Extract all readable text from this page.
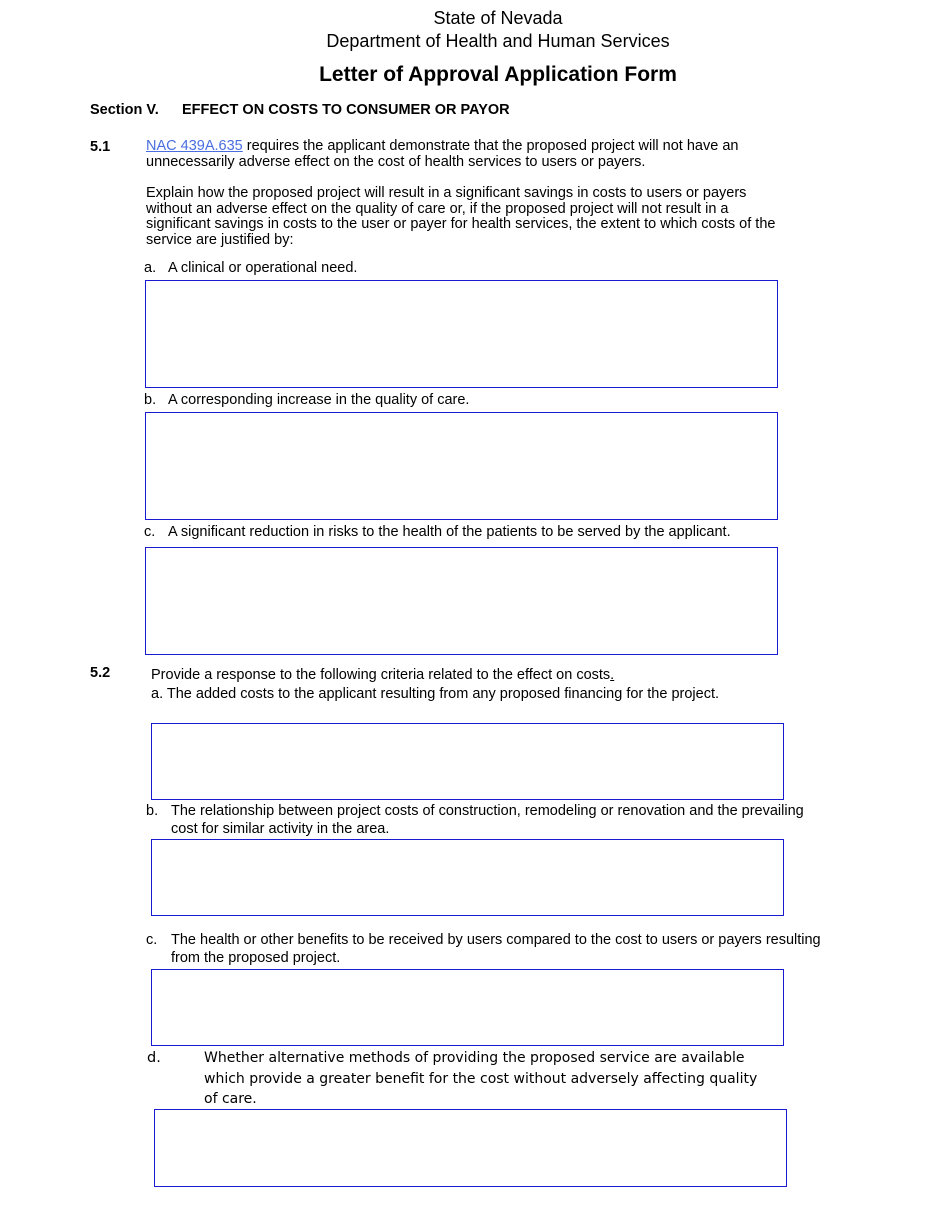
State of Nevada
Department of Health and Human Services
Letter of Approval Application Form
Section V. EFFECT ON COSTS TO CONSUMER OR PAYOR
5.1 NAC 439A.635 requires the applicant demonstrate that the proposed project will not have an unnecessarily adverse effect on the cost of health services to users or payers.
Explain how the proposed project will result in a significant savings in costs to users or payers without an adverse effect on the quality of care or, if the proposed project will not result in a significant savings in costs to the user or payer for health services, the extent to which costs of the service are justified by:
a. A clinical or operational need.
b. A corresponding increase in the quality of care.
c. A significant reduction in risks to the health of the patients to be served by the applicant.
5.2	Provide a response to the following criteria related to the effect on costs.
a. The added costs to the applicant resulting from any proposed financing for the project.
b. The relationship between project costs of construction, remodeling or renovation and the prevailing cost for similar activity in the area.
c. The health or other benefits to be received by users compared to the cost to users or payers resulting from the proposed project.
d.	Whether alternative methods of providing the proposed service are available which provide a greater benefit for the cost without adversely affecting quality of care.
